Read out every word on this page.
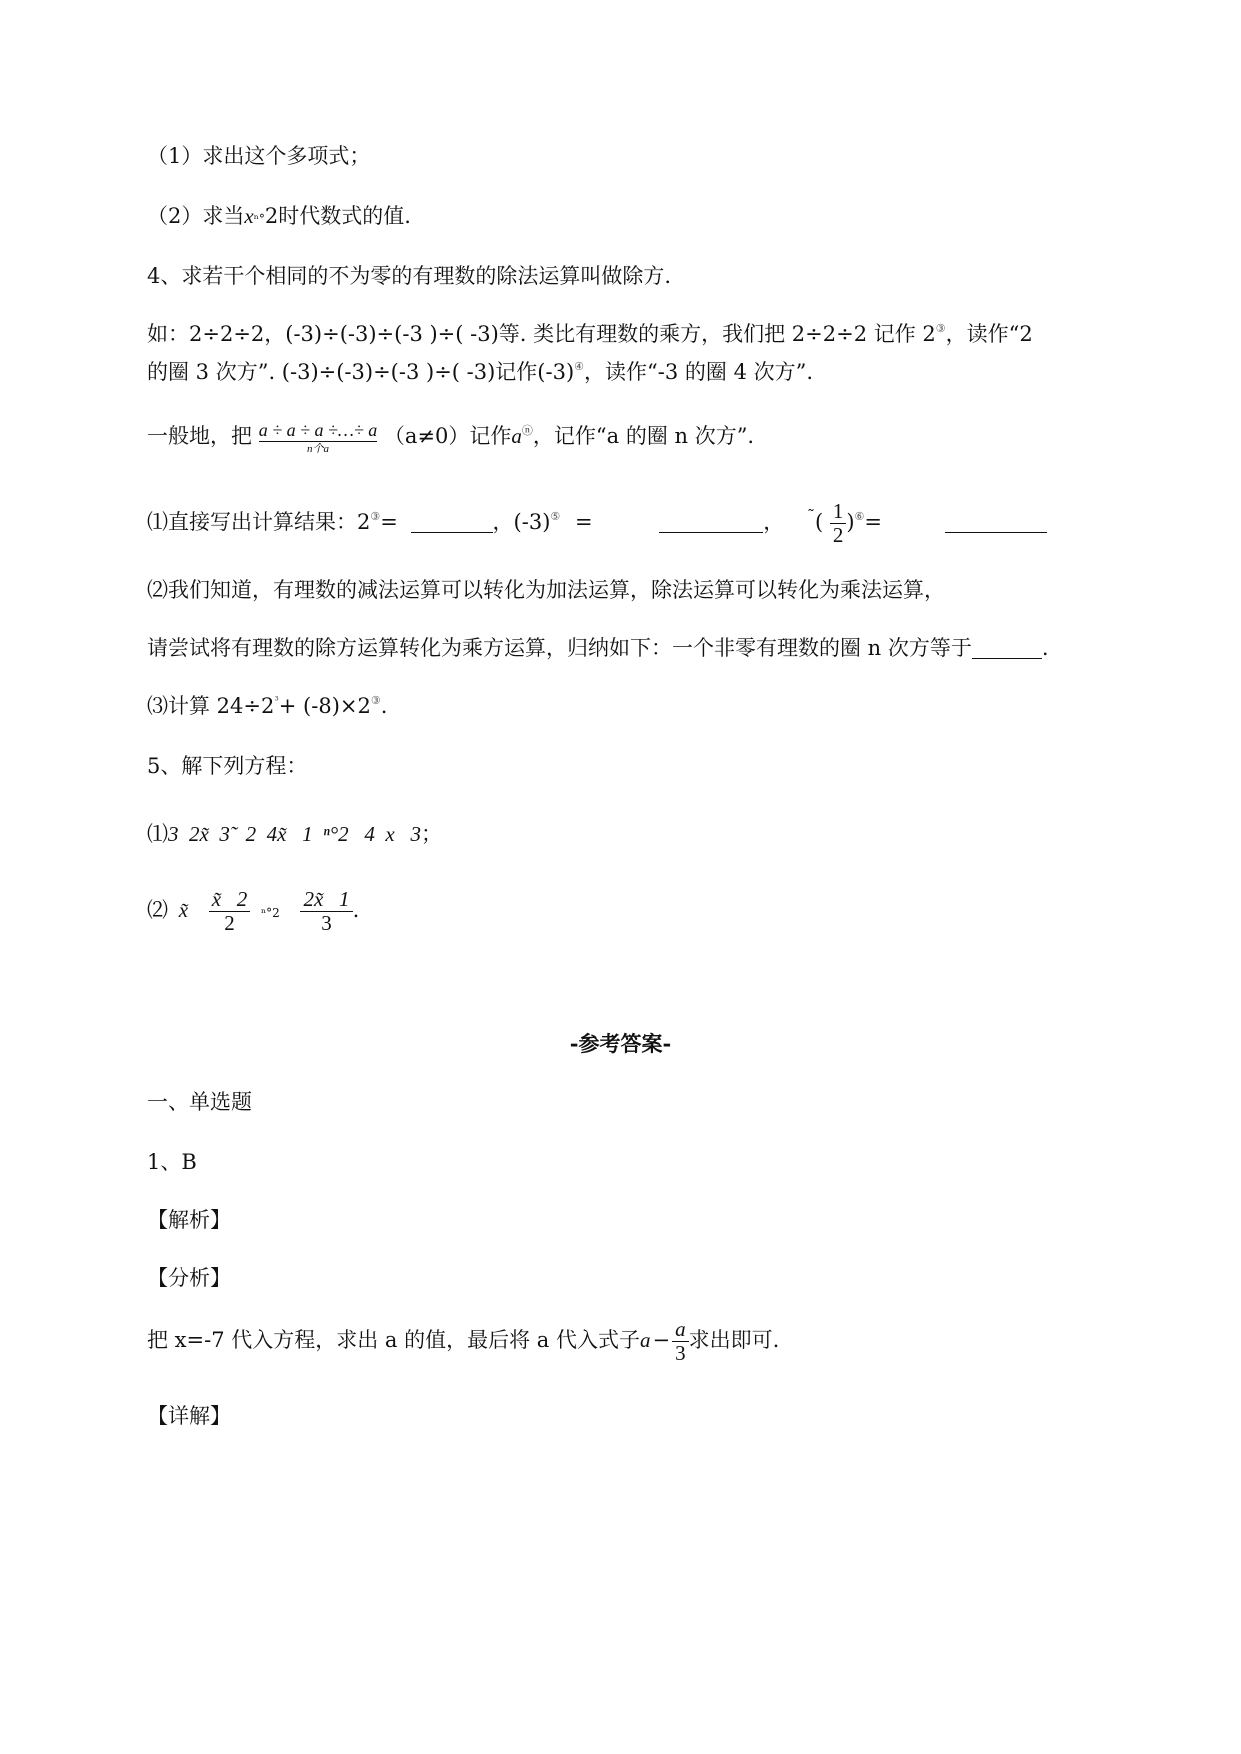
（1）求出这个多项式；
（2）求当xⁿ°2时代数式的值.
4、求若干个相同的不为零的有理数的除法运算叫做除方.
如：2÷2÷2，(-3)÷(-3)÷(-3 )÷( -3)等. 类比有理数的乘方，我们把 2÷2÷2 记作 2③，读作“2
的圈 3 次方”. (-3)÷(-3)÷(-3 )÷( -3)记作(-3)④，读作“-3 的圈 4 次方”.
一般地，把 a ÷ a ÷ a ÷…÷ a
n个a
（a≠0）记作aⓝ，记作“a 的圈 n 次方”.
⑴直接写出计算结果：2③=	，(-3)⑤ =	， $^˜( \frac{1}{2} )^⑥=$
⑵我们知道，有理数的减法运算可以转化为加法运算，除法运算可以转化为乘法运算，
请尝试将有理数的除方运算转化为乘方运算，归纳如下：一个非零有理数的圈 n 次方等于	.
⑶计算 $24\div 2^{^3}+ (-8)\times 2^③$.
5、解下列方程：
⑴3  2x̃  3̃   2  4x̃   1  ⁿ°2   4  x   3；
⑵ x̃ $\frac{x̃ 2}{2} ^n^\circ 2 \frac{2x̃ 1}{3}$ .
-参考答案-
一、单选题
1、B
【解析】
【分析】
把 x=-7 代入方程，求出 a 的值，最后将 a 代入式子$a- \frac{a}{3}$ 求出即可.
【详解】
